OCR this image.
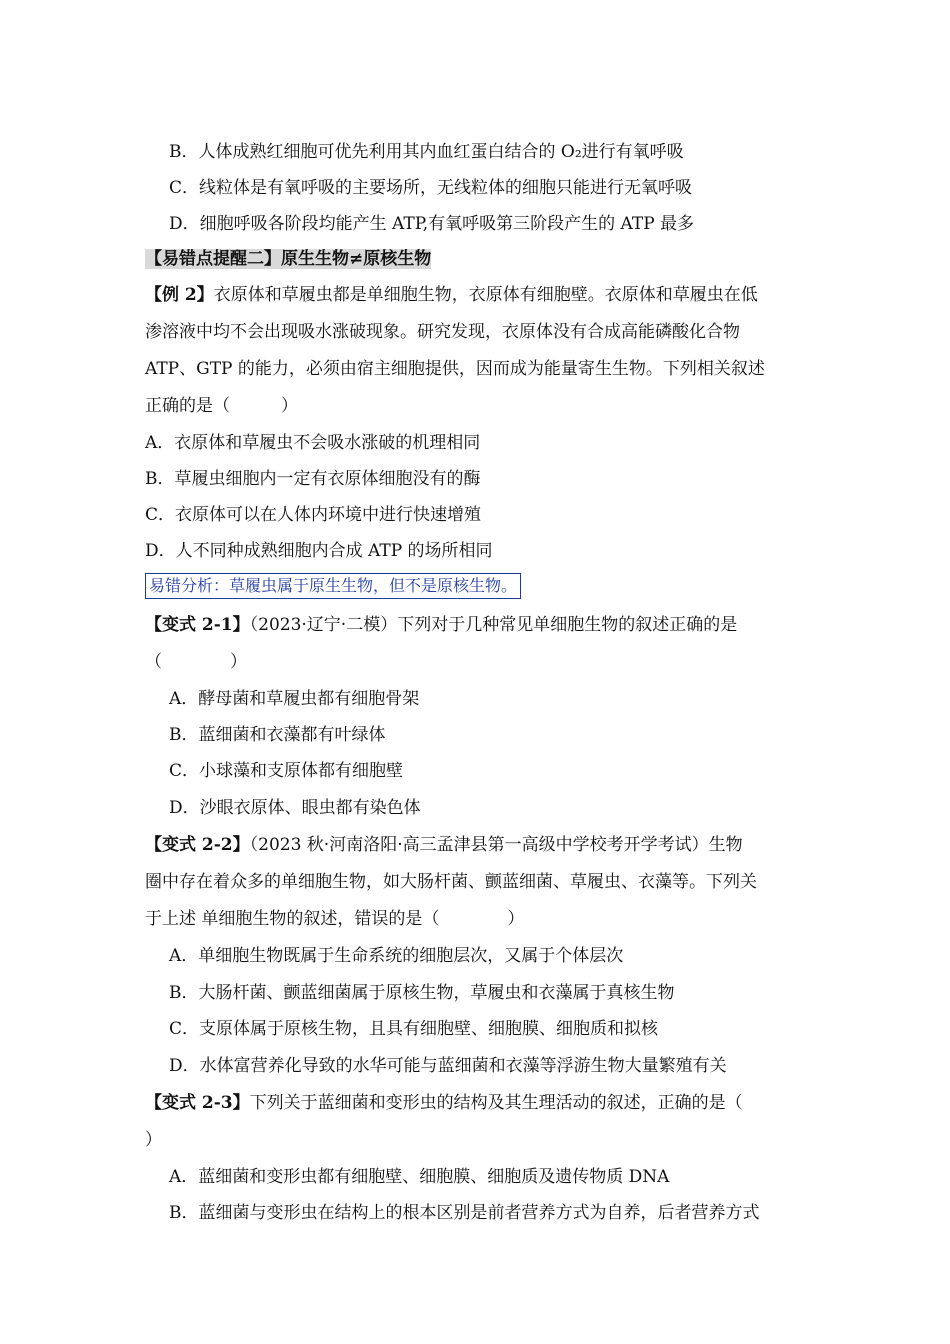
B．人体成熟红细胞可优先利用其内血红蛋白结合的 O₂进行有氧呼吸
C．线粒体是有氧呼吸的主要场所，无线粒体的细胞只能进行无氧呼吸
D．细胞呼吸各阶段均能产生 ATP,有氧呼吸第三阶段产生的 ATP 最多
【易错点提醒二】原生生物≠原核生物
【例 2】衣原体和草履虫都是单细胞生物，衣原体有细胞壁。衣原体和草履虫在低
渗溶液中均不会出现吸水涨破现象。研究发现，衣原体没有合成高能磷酸化合物
ATP、GTP 的能力，必须由宿主细胞提供，因而成为能量寄生生物。下列相关叙述
正确的是（　　　）
A．衣原体和草履虫不会吸水涨破的机理相同
B．草履虫细胞内一定有衣原体细胞没有的酶
C．衣原体可以在人体内环境中进行快速增殖
D．人不同种成熟细胞内合成 ATP 的场所相同
易错分析：草履虫属于原生生物，但不是原核生物。
【变式 2-1】（2023·辽宁·二模）下列对于几种常见单细胞生物的叙述正确的是
（　　　　）
A．酵母菌和草履虫都有细胞骨架
B．蓝细菌和衣藻都有叶绿体
C．小球藻和支原体都有细胞壁
D．沙眼衣原体、眼虫都有染色体
【变式 2-2】（2023 秋·河南洛阳·高三孟津县第一高级中学校考开学考试）生物
圈中存在着众多的单细胞生物，如大肠杆菌、颤蓝细菌、草履虫、衣藻等。下列关
于上述 单细胞生物的叙述，错误的是（　　　　）
A．单细胞生物既属于生命系统的细胞层次，又属于个体层次
B．大肠杆菌、颤蓝细菌属于原核生物，草履虫和衣藻属于真核生物
C．支原体属于原核生物，且具有细胞壁、细胞膜、细胞质和拟核
D．水体富营养化导致的水华可能与蓝细菌和衣藻等浮游生物大量繁殖有关
【变式 2-3】下列关于蓝细菌和变形虫的结构及其生理活动的叙述，正确的是（
）
A．蓝细菌和变形虫都有细胞壁、细胞膜、细胞质及遗传物质 DNA
B．蓝细菌与变形虫在结构上的根本区别是前者营养方式为自养，后者营养方式
